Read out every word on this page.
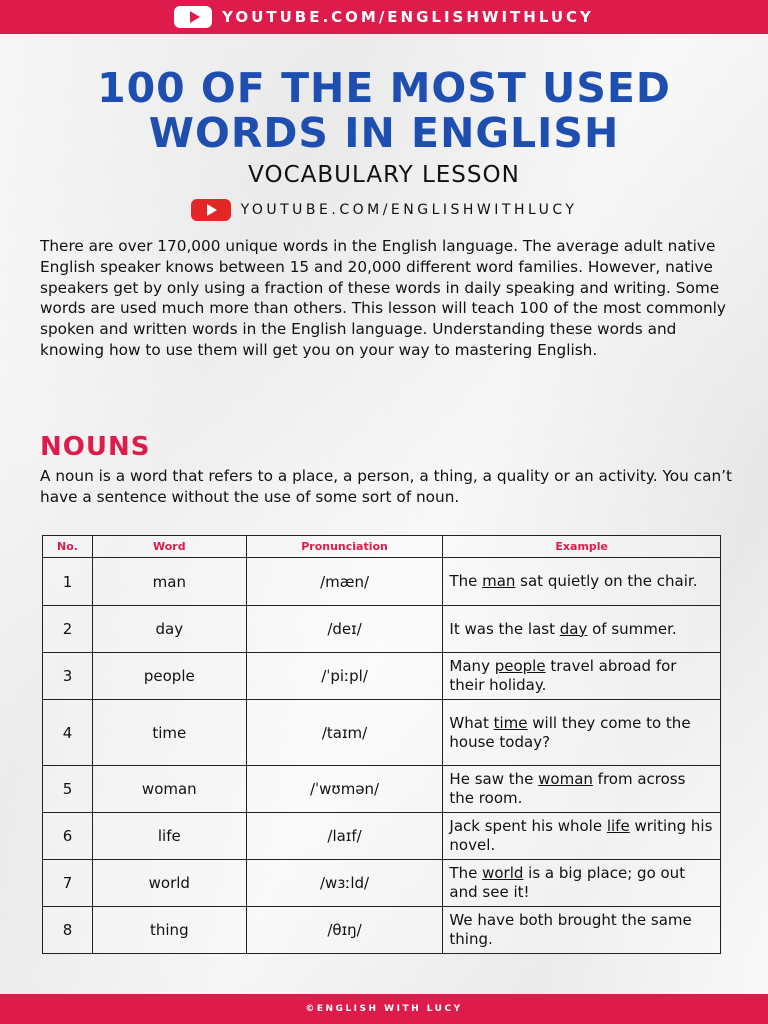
YOUTUBE.COM/ENGLISHWITHLUCY
100 OF THE MOST USED
WORDS IN ENGLISH
VOCABULARY LESSON
YOUTUBE.COM/ENGLISHWITHLUCY

There are over 170,000 unique words in the English language. The average adult native English speaker knows between 15 and 20,000 different word families. However, native speakers get by only using a fraction of these words in daily speaking and writing. Some words are used much more than others. This lesson will teach 100 of the most commonly spoken and written words in the English language. Understanding these words and knowing how to use them will get you on your way to mastering English.

NOUNS

A noun is a word that refers to a place, a person, a thing, a quality or an activity. You can’t have a sentence without the use of some sort of noun.

No.	Word	Pronunciation	Example
1	man	/mæn/	The man sat quietly on the chair.
2	day	/deɪ/	It was the last day of summer.
3	people	/ˈpiːpl/	Many people travel abroad for their holiday.
4	time	/taɪm/	What time will they come to the house today?
5	woman	/ˈwʊmən/	He saw the woman from across the room.
6	life	/laɪf/	Jack spent his whole life writing his novel.
7	world	/wɜːld/	The world is a big place; go out and see it!
8	thing	/θɪŋ/	We have both brought the same thing.
©ENGLISH WITH LUCY
